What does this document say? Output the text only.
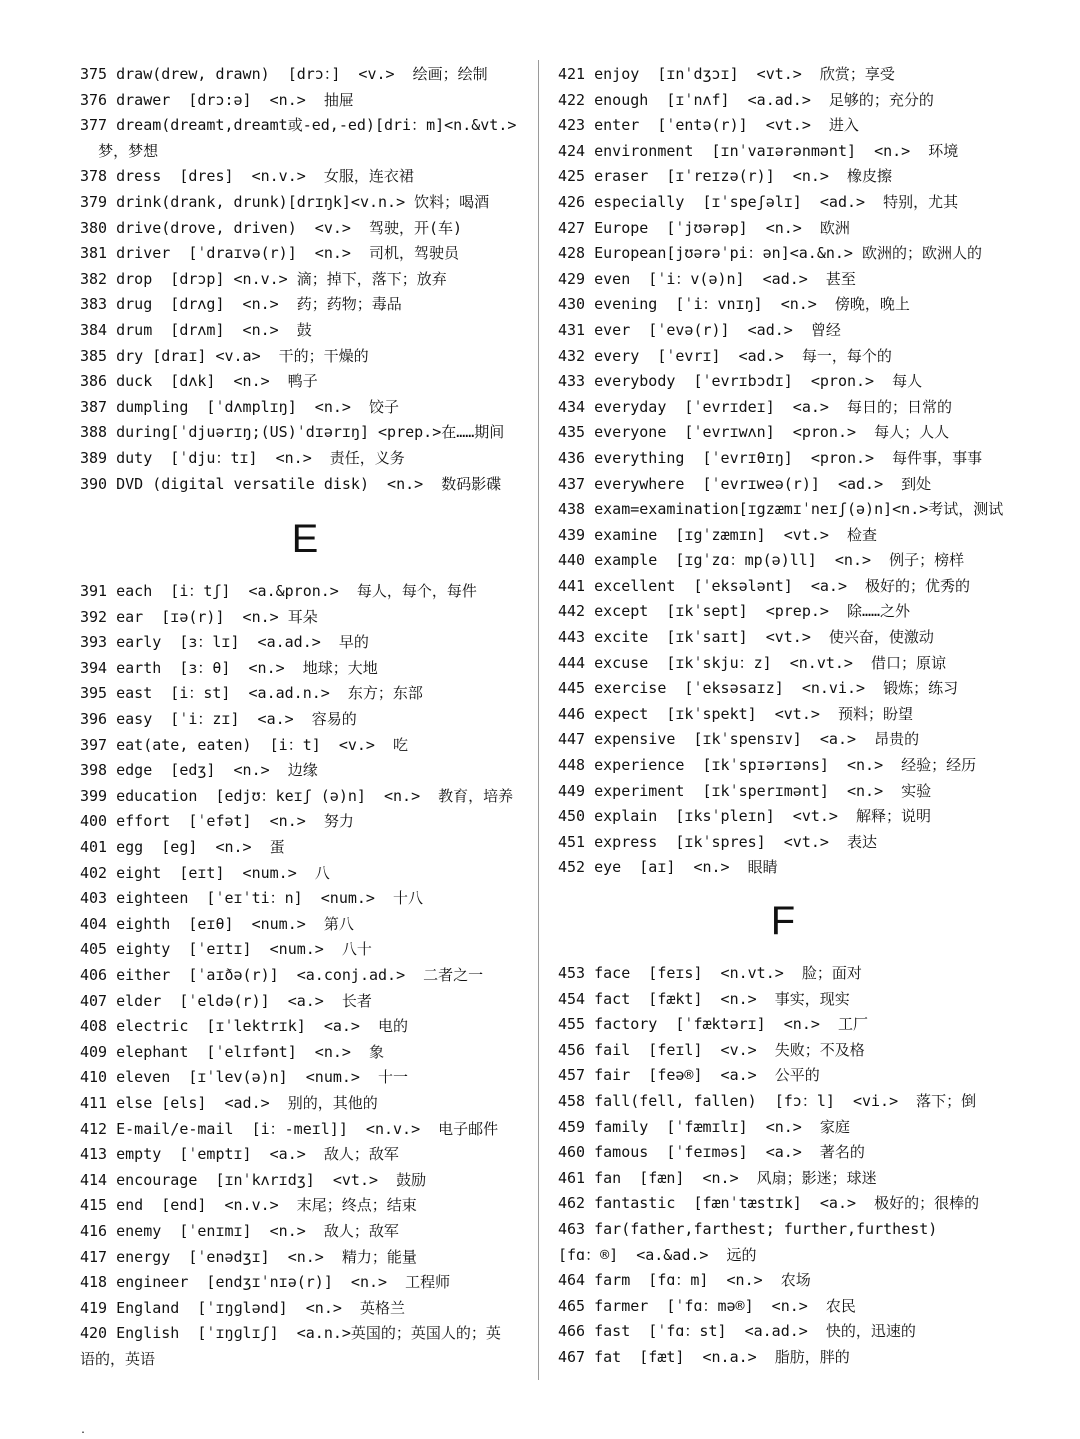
375 draw(drew, drawn)  [drɔ：]  <v.>  绘画；绘制
376 drawer  [drɔ:ə]  <n.>  抽屉
377 dream(dreamt,dreamt或-ed,-ed)[dri：m]<n.&vt.>
梦，梦想
378 dress  [dres]  <n.v.>  女服，连衣裙
379 drink(drank, drunk)[drɪŋk]<v.n.> 饮料；喝酒
380 drive(drove, driven)  <v.>  驾驶，开(车)
381 driver  [ˈdraɪvə(r)]  <n.>  司机，驾驶员
382 drop  [drɔp] <n.v.> 滴；掉下，落下；放弃
383 drug  [drʌg]  <n.>  药；药物；毒品
384 drum  [drʌm]  <n.>  鼓
385 dry [draɪ] <v.a>  干的；干燥的
386 duck  [dʌk]  <n.>  鸭子
387 dumpling  [ˈdʌmplɪŋ]  <n.>  饺子
388 during[ˈdjuərɪŋ;(US)ˈdɪərɪŋ] <prep.>在……期间
389 duty  [ˈdju：tɪ]  <n.>  责任，义务
390 DVD (digital versatile disk)  <n.>  数码影碟
E
391 each  [i：tʃ]  <a.&pron.>  每人，每个，每件
392 ear  [ɪə(r)]  <n.> 耳朵
393 early  [ɜ：lɪ]  <a.ad.>  早的
394 earth  [ɜ：θ]  <n.>  地球；大地
395 east  [i：st]  <a.ad.n.>  东方；东部
396 easy  [ˈi：zɪ]  <a.>  容易的
397 eat(ate, eaten)  [i：t]  <v.>  吃
398 edge  [edʒ]  <n.>  边缘
399 education  [edjʊ：keɪʃ (ə)n]  <n.>  教育，培养
400 effort  [ˈefət]  <n.>  努力
401 egg  [eg]  <n.>  蛋
402 eight  [eɪt]  <num.>  八
403 eighteen  [ˈeɪˈti：n]  <num.>  十八
404 eighth  [eɪθ]  <num.>  第八
405 eighty  [ˈeɪtɪ]  <num.>  八十
406 either  [ˈaɪðə(r)]  <a.conj.ad.>  二者之一
407 elder  [ˈeldə(r)]  <a.>  长者
408 electric  [ɪˈlektrɪk]  <a.>  电的
409 elephant  [ˈelɪfənt]  <n.>  象
410 eleven  [ɪˈlev(ə)n]  <num.>  十一
411 else [els]  <ad.>  别的，其他的
412 E-mail/e-mail  [i：-meɪl]]  <n.v.>  电子邮件
413 empty  [ˈemptɪ]  <a.>  敌人；敌军
414 encourage  [ɪnˈkʌrɪdʒ]  <vt.>  鼓励
415 end  [end]  <n.v.>  末尾；终点；结束
416 enemy  [ˈenɪmɪ]  <n.>  敌人；敌军
417 energy  [ˈenədʒɪ]  <n.>  精力；能量
418 engineer  [endʒɪˈnɪə(r)]  <n.>  工程师
419 England  [ˈɪŋɡlənd]  <n.>  英格兰
420 English  [ˈɪŋɡlɪʃ]  <a.n.>英国的；英国人的；英
语的，英语
421 enjoy  [ɪnˈdʒɔɪ]  <vt.>  欣赏；享受
422 enough  [ɪˈnʌf]  <a.ad.>  足够的；充分的
423 enter  [ˈentə(r)]  <vt.>  进入
424 environment  [ɪnˈvaɪərənmənt]  <n.>  环境
425 eraser  [ɪˈreɪzə(r)]  <n.>  橡皮擦
426 especially  [ɪˈspeʃəlɪ]  <ad.>  特别，尤其
427 Europe  [ˈjʊərəp]  <n.>  欧洲
428 European[jʊərəˈpi：ən]<a.&n.> 欧洲的；欧洲人的
429 even  [ˈi：v(ə)n]  <ad.>  甚至
430 evening  [ˈi：vnɪŋ]  <n.>  傍晚，晚上
431 ever  [ˈevə(r)]  <ad.>  曾经
432 every  [ˈevrɪ]  <ad.>  每一，每个的
433 everybody  [ˈevrɪbɔdɪ]  <pron.>  每人
434 everyday  [ˈevrɪdeɪ]  <a.>  每日的；日常的
435 everyone  [ˈevrɪwʌn]  <pron.>  每人；人人
436 everything  [ˈevrɪθɪŋ]  <pron.>  每件事，事事
437 everywhere  [ˈevrɪweə(r)]  <ad.>  到处
438 exam=examination[ɪgzæmɪˈneɪʃ(ə)n]<n.>考试，测试
439 examine  [ɪgˈzæmɪn]  <vt.>  检查
440 example  [ɪgˈzɑ：mp(ə)ll]  <n.>  例子；榜样
441 excellent  [ˈeksələnt]  <a.>  极好的；优秀的
442 except  [ɪkˈsept]  <prep.>  除……之外
443 excite  [ɪkˈsaɪt]  <vt.>  使兴奋，使激动
444 excuse  [ɪkˈskju：z]  <n.vt.>  借口；原谅
445 exercise  [ˈeksəsaɪz]  <n.vi.>  锻炼；练习
446 expect  [ɪkˈspekt]  <vt.>  预料；盼望
447 expensive  [ɪkˈspensɪv]  <a.>  昂贵的
448 experience  [ɪkˈspɪərɪəns]  <n.>  经验；经历
449 experiment  [ɪkˈsperɪmənt]  <n.>  实验
450 explain  [ɪksˈpleɪn]  <vt.>  解释；说明
451 express  [ɪkˈspres]  <vt.>  表达
452 eye  [aɪ]  <n.>  眼睛
F
453 face  [feɪs]  <n.vt.>  脸；面对
454 fact  [fækt]  <n.>  事实，现实
455 factory  [ˈfæktərɪ]  <n.>  工厂
456 fail  [feɪl]  <v.>  失败；不及格
457 fair  [feə®]  <a.>  公平的
458 fall(fell, fallen)  [fɔ：l]  <vi.>  落下；倒
459 family  [ˈfæmɪlɪ]  <n.>  家庭
460 famous  [ˈfeɪməs]  <a.>  著名的
461 fan  [fæn]  <n.>  风扇；影迷；球迷
462 fantastic  [fænˈtæstɪk]  <a.>  极好的；很棒的
463 far(father,farthest; further,furthest)
[fɑ：®]  <a.&ad.>  远的
464 farm  [fɑ：m]  <n.>  农场
465 farmer  [ˈfɑ：mə®]  <n.>  农民
466 fast  [ˈfɑ：st]  <a.ad.>  快的，迅速的
467 fat  [fæt]  <n.a.>  脂肪，胖的
.
